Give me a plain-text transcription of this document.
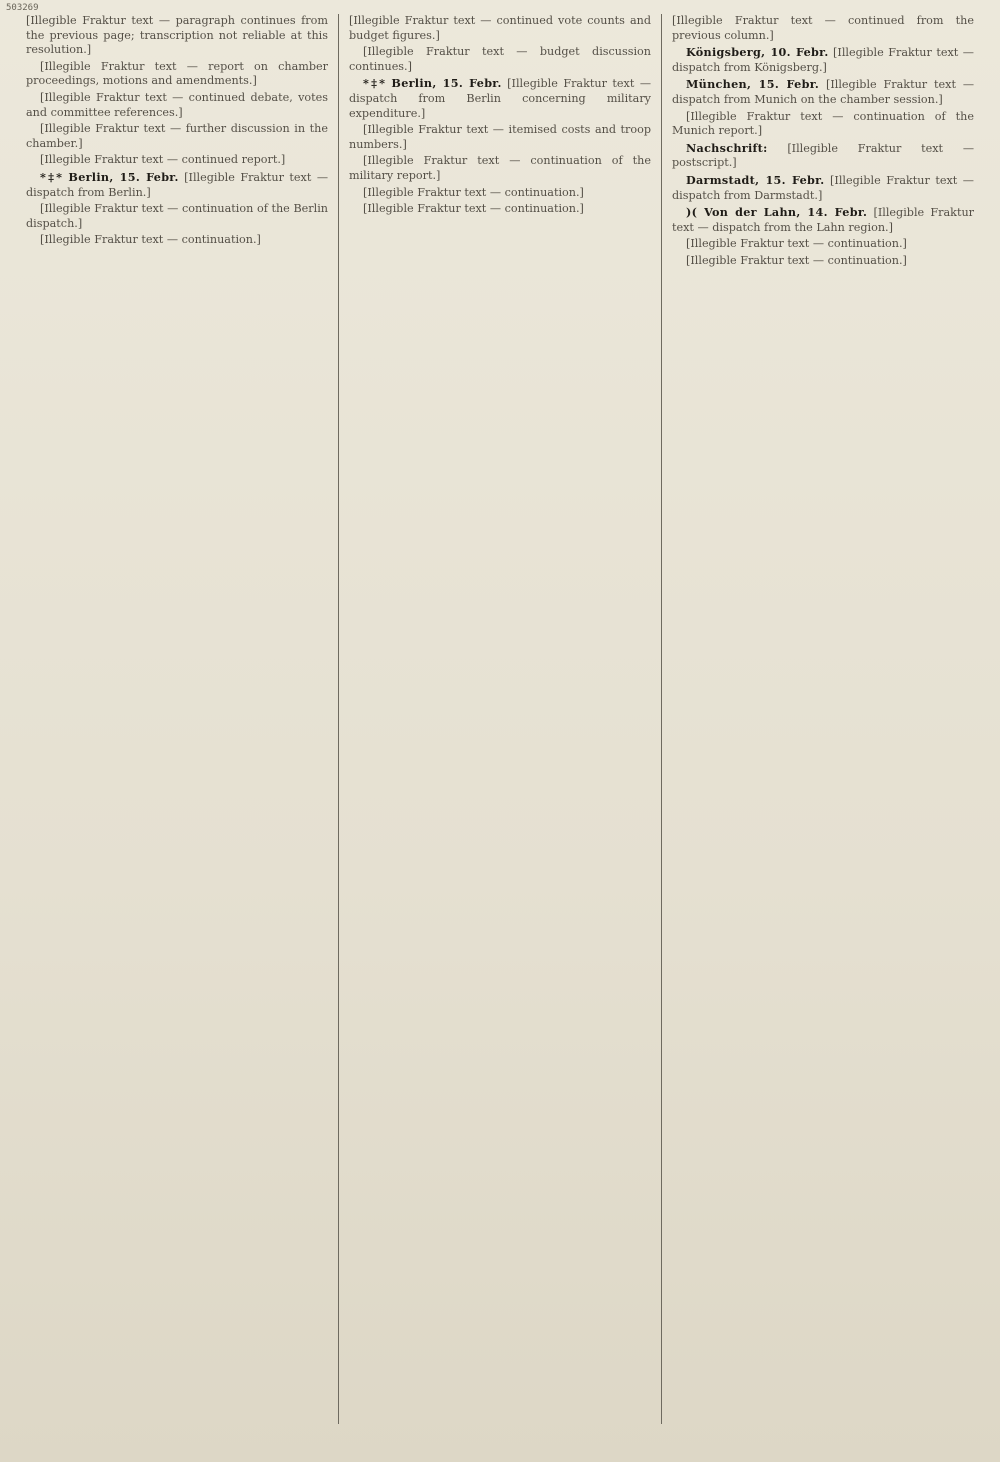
503269

[Illegible Fraktur text — paragraph continues from the previous page; transcription not reliable at this resolution.]

[Illegible Fraktur text — report on chamber proceedings, motions and amendments.]

[Illegible Fraktur text — continued debate, votes and committee references.]

[Illegible Fraktur text — further discussion in the chamber.]

[Illegible Fraktur text — continued report.]

*‡* Berlin, 15. Febr. [Illegible Fraktur text — dispatch from Berlin.]

[Illegible Fraktur text — continuation of the Berlin dispatch.]

[Illegible Fraktur text — continuation.]

[Illegible Fraktur text — continued vote counts and budget figures.]

[Illegible Fraktur text — budget discussion continues.]

*‡* Berlin, 15. Febr. [Illegible Fraktur text — dispatch from Berlin concerning military expenditure.]

[Illegible Fraktur text — itemised costs and troop numbers.]

[Illegible Fraktur text — continuation of the military report.]

[Illegible Fraktur text — continuation.]

[Illegible Fraktur text — continuation.]

[Illegible Fraktur text — continued from the previous column.]

Königsberg, 10. Febr. [Illegible Fraktur text — dispatch from Königsberg.]

München, 15. Febr. [Illegible Fraktur text — dispatch from Munich on the chamber session.]

[Illegible Fraktur text — continuation of the Munich report.]

Nachschrift: [Illegible Fraktur text — postscript.]

Darmstadt, 15. Febr. [Illegible Fraktur text — dispatch from Darmstadt.]

)( Von der Lahn, 14. Febr. [Illegible Fraktur text — dispatch from the Lahn region.]

[Illegible Fraktur text — continuation.]

[Illegible Fraktur text — continuation.]
